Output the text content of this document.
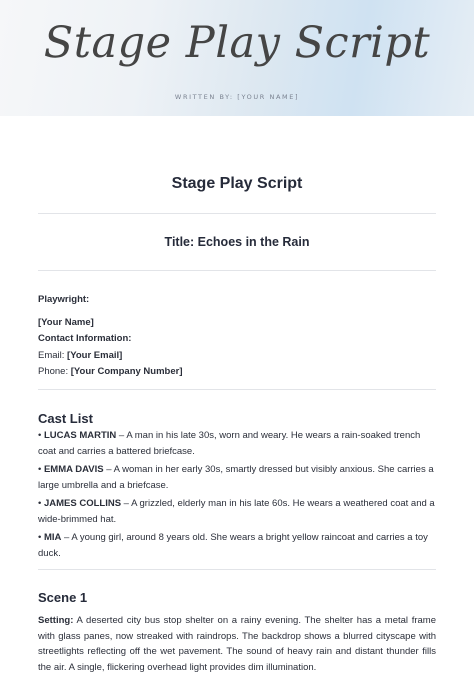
Stage Play Script
WRITTEN BY: [YOUR NAME]
Stage Play Script
Title: Echoes in the Rain
Playwright:
[Your Name]
Contact Information:
Email: [Your Email]
Phone: [Your Company Number]
Cast List
• LUCAS MARTIN – A man in his late 30s, worn and weary. He wears a rain-soaked trench coat and carries a battered briefcase.
• EMMA DAVIS – A woman in her early 30s, smartly dressed but visibly anxious. She carries a large umbrella and a briefcase.
• JAMES COLLINS – A grizzled, elderly man in his late 60s. He wears a weathered coat and a wide-brimmed hat.
• MIA – A young girl, around 8 years old. She wears a bright yellow raincoat and carries a toy duck.
Scene 1
Setting: A deserted city bus stop shelter on a rainy evening. The shelter has a metal frame with glass panes, now streaked with raindrops. The backdrop shows a blurred cityscape with streetlights reflecting off the wet pavement. The sound of heavy rain and distant thunder fills the air. A single, flickering overhead light provides dim illumination.
